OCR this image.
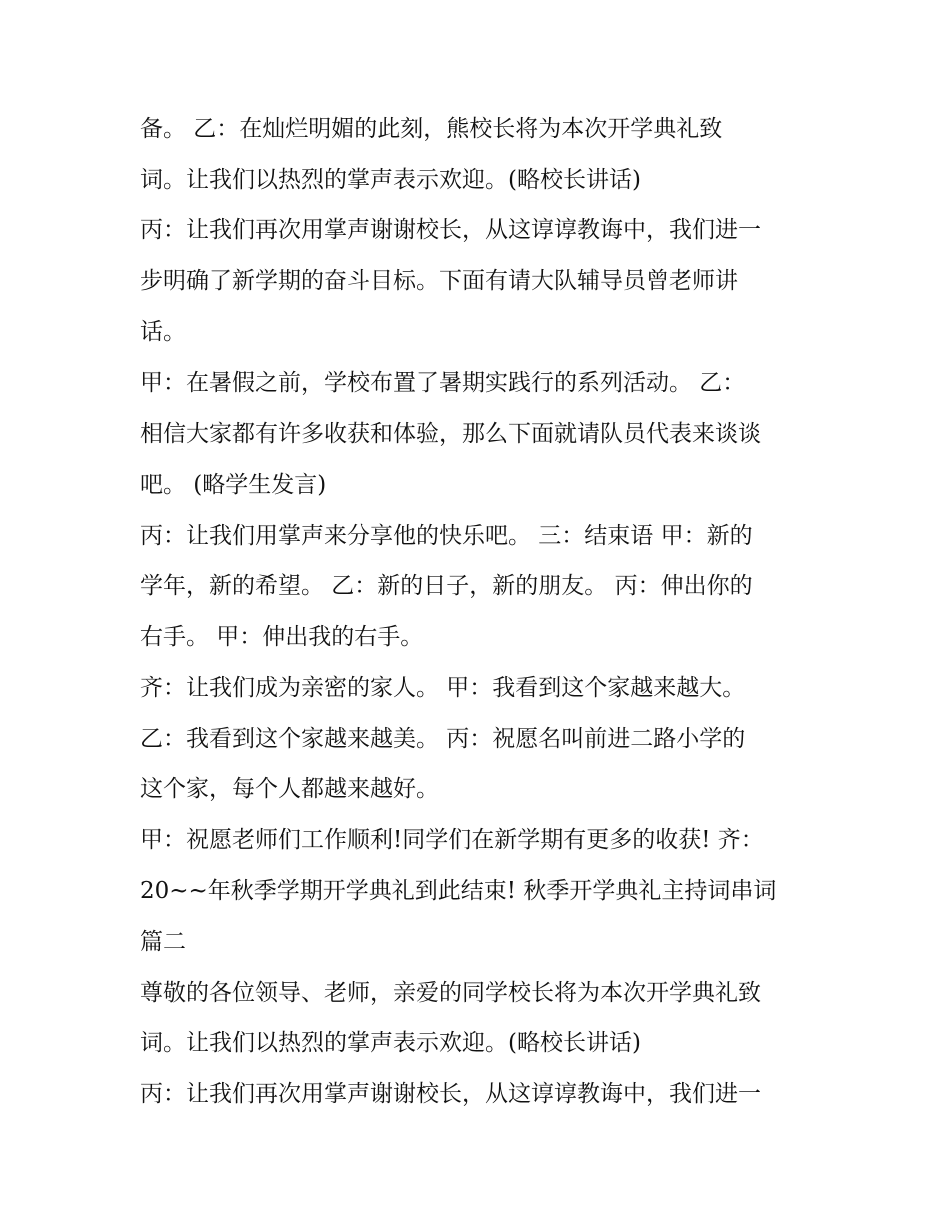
备。 乙：在灿烂明媚的此刻，熊校长将为本次开学典礼致
词。让我们以热烈的掌声表示欢迎。(略校长讲话)
丙：让我们再次用掌声谢谢校长，从这谆谆教诲中，我们进一
步明确了新学期的奋斗目标。下面有请大队辅导员曾老师讲
话。
甲：在暑假之前，学校布置了暑期实践行的系列活动。 乙：
相信大家都有许多收获和体验，那么下面就请队员代表来谈谈
吧。 (略学生发言)
丙：让我们用掌声来分享他的快乐吧。 三：结束语 甲：新的
学年，新的希望。 乙：新的日子，新的朋友。 丙：伸出你的
右手。 甲：伸出我的右手。
齐：让我们成为亲密的家人。 甲：我看到这个家越来越大。
乙：我看到这个家越来越美。 丙：祝愿名叫前进二路小学的
这个家，每个人都越来越好。
甲：祝愿老师们工作顺利!同学们在新学期有更多的收获! 齐：
20~~年秋季学期开学典礼到此结束! 秋季开学典礼主持词串词
篇二
尊敬的各位领导、老师，亲爱的同学校长将为本次开学典礼致
词。让我们以热烈的掌声表示欢迎。(略校长讲话)
丙：让我们再次用掌声谢谢校长，从这谆谆教诲中，我们进一
